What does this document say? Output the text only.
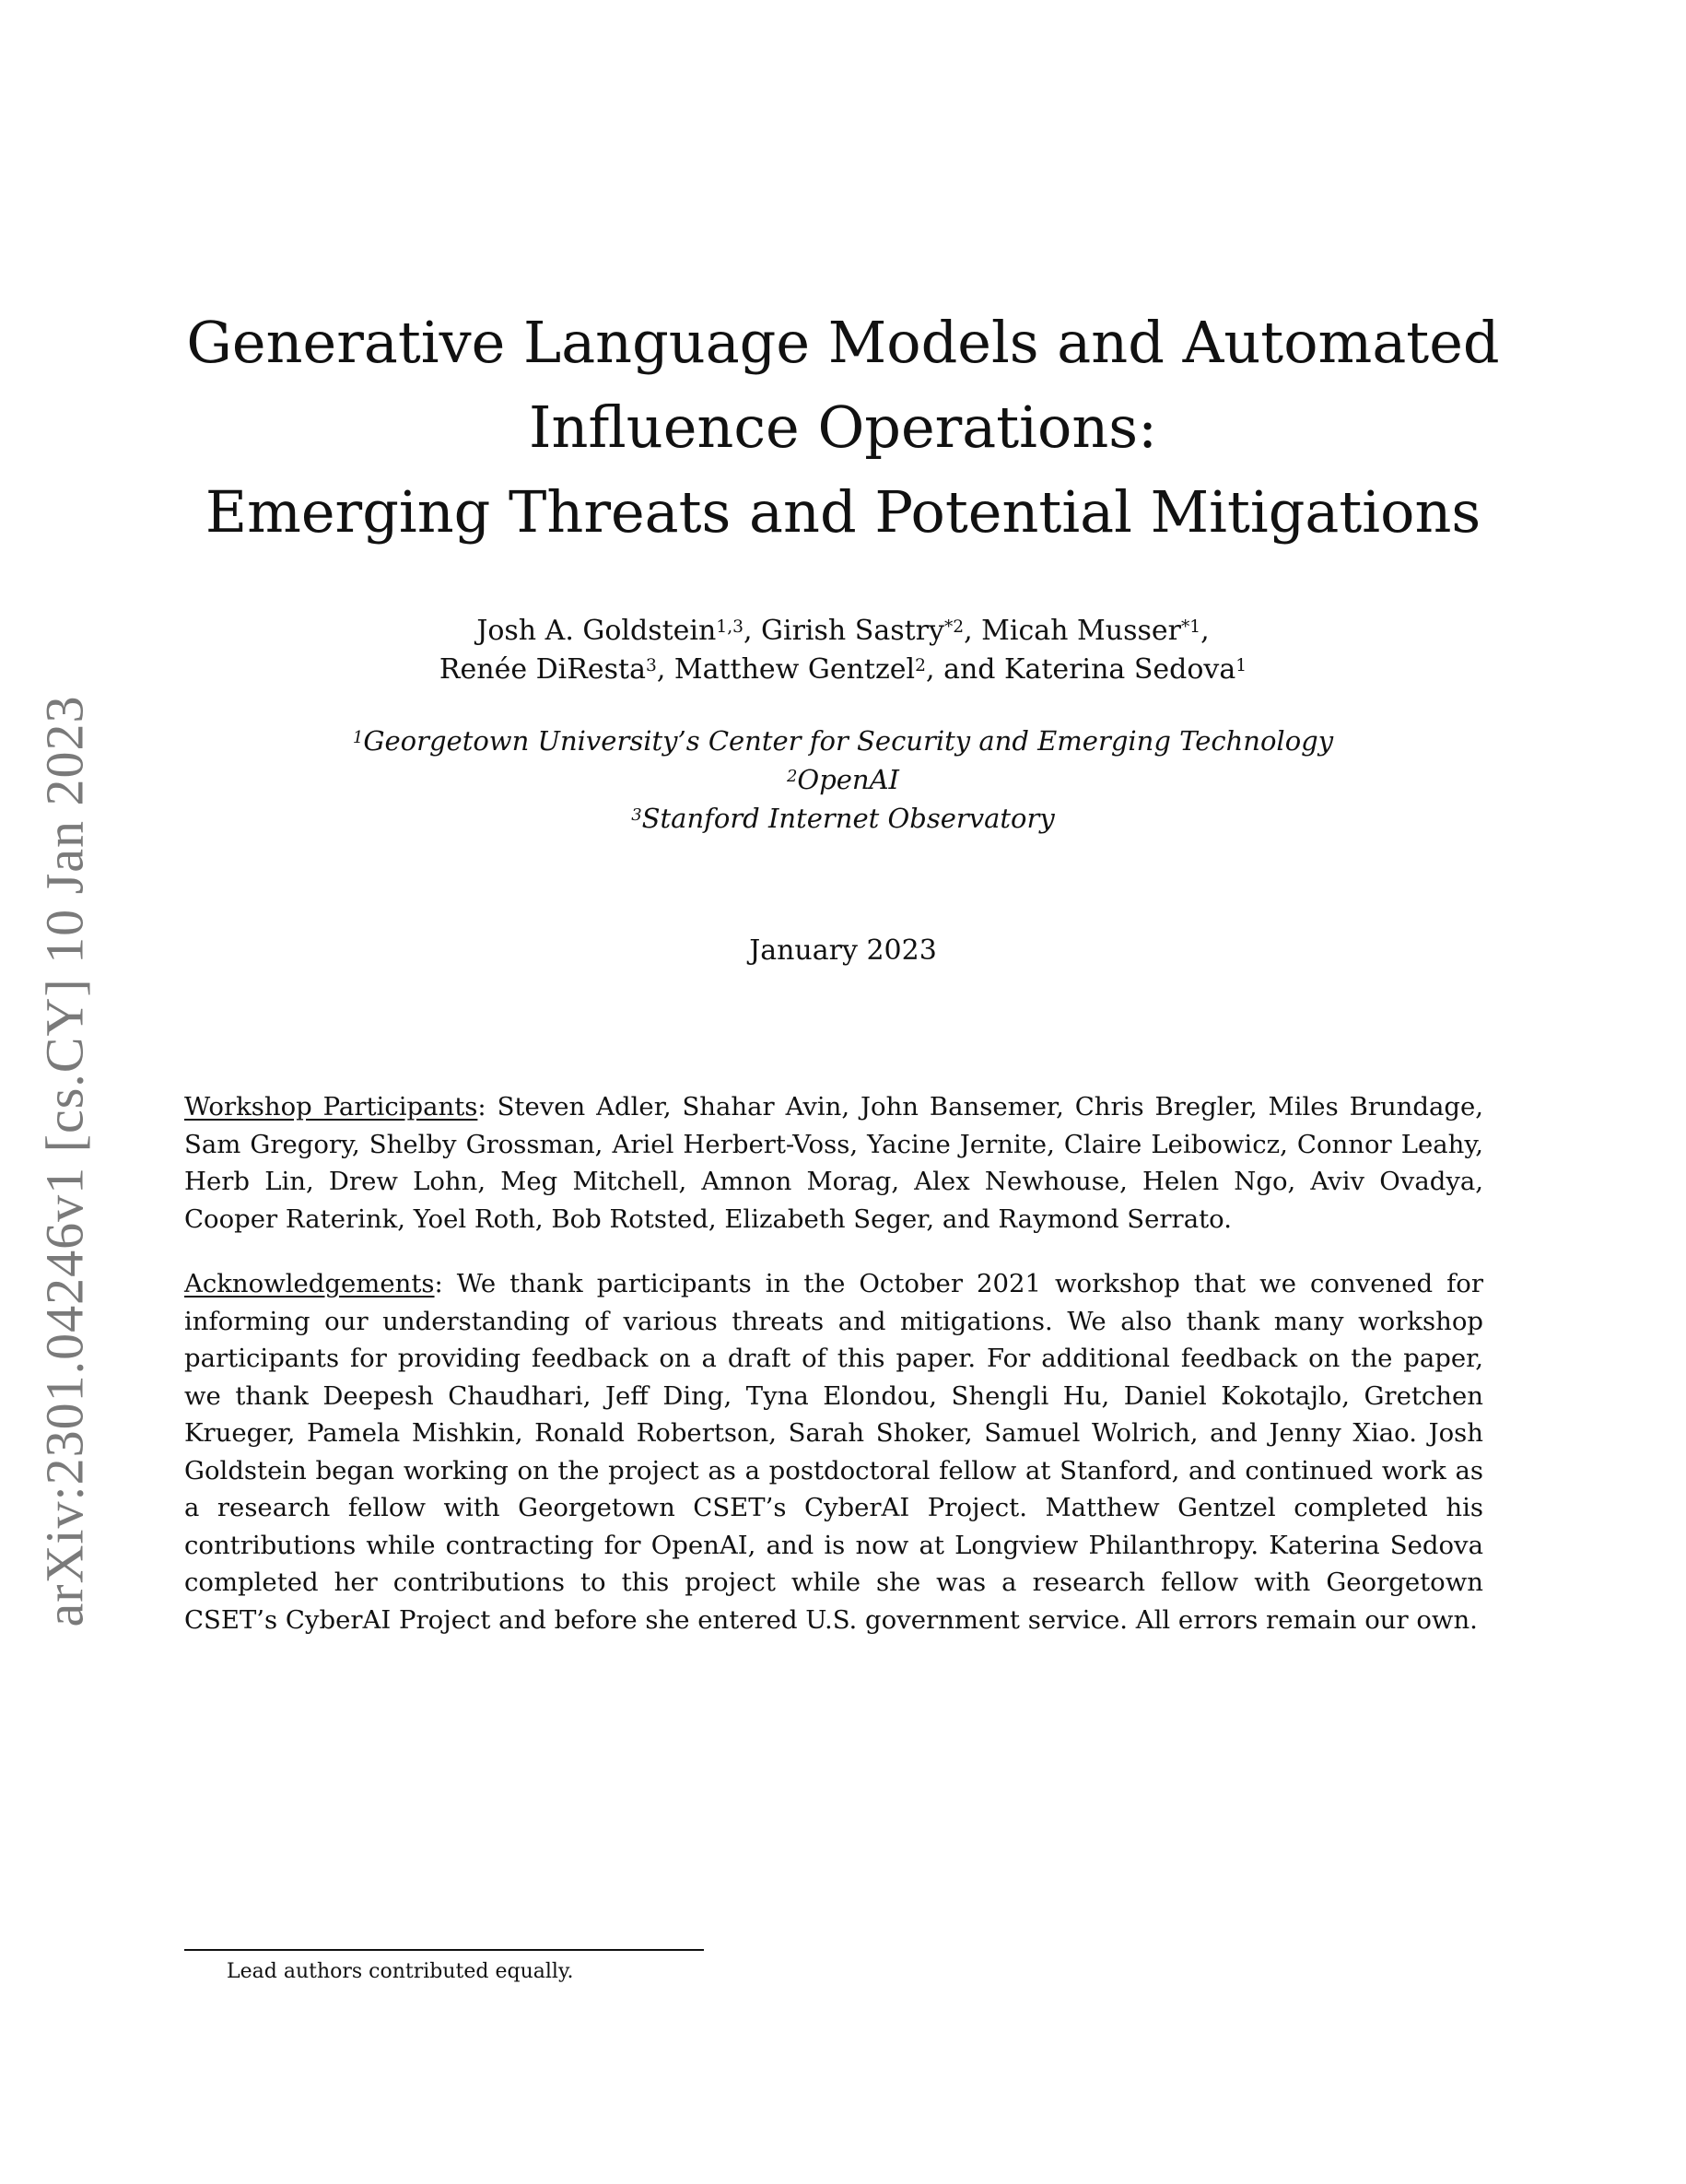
arXiv:2301.04246v1 [cs.CY] 10 Jan 2023
Generative Language Models and Automated
Influence Operations:
Emerging Threats and Potential Mitigations
Josh A. Goldstein$^{1,3}$, Girish Sastry$^{*2}$, Micah Musser$^{*1}$,
Renée DiResta$^3$, Matthew Gentzel$^2$, and Katerina Sedova$^1$
$^1$Georgetown University’s Center for Security and Emerging Technology
$^2$OpenAI
$^3$Stanford Internet Observatory
January 2023

Workshop Participants: Steven Adler, Shahar Avin, John Bansemer, Chris Bregler, Miles Brundage, Sam Gregory, Shelby Grossman, Ariel Herbert-Voss, Yacine Jernite, Claire Leibowicz, Connor Leahy, Herb Lin, Drew Lohn, Meg Mitchell, Amnon Morag, Alex Newhouse, Helen Ngo, Aviv Ovadya, Cooper Raterink, Yoel Roth, Bob Rotsted, Elizabeth Seger, and Raymond Serrato.

Acknowledgements: We thank participants in the October 2021 workshop that we convened for informing our understanding of various threats and mitigations. We also thank many workshop participants for providing feedback on a draft of this paper. For additional feedback on the paper, we thank Deepesh Chaudhari, Jeff Ding, Tyna Elondou, Shengli Hu, Daniel Kokotajlo, Gretchen Krueger, Pamela Mishkin, Ronald Robertson, Sarah Shoker, Samuel Wolrich, and Jenny Xiao. Josh Goldstein began working on the project as a postdoctoral fellow at Stanford, and continued work as a research fellow with Georgetown CSET’s CyberAI Project. Matthew Gentzel completed his contributions while contracting for OpenAI, and is now at Longview Philanthropy. Katerina Sedova completed her contributions to this project while she was a research fellow with Georgetown CSET’s CyberAI Project and before she entered U.S. government service. All errors remain our own.

Lead authors contributed equally.
